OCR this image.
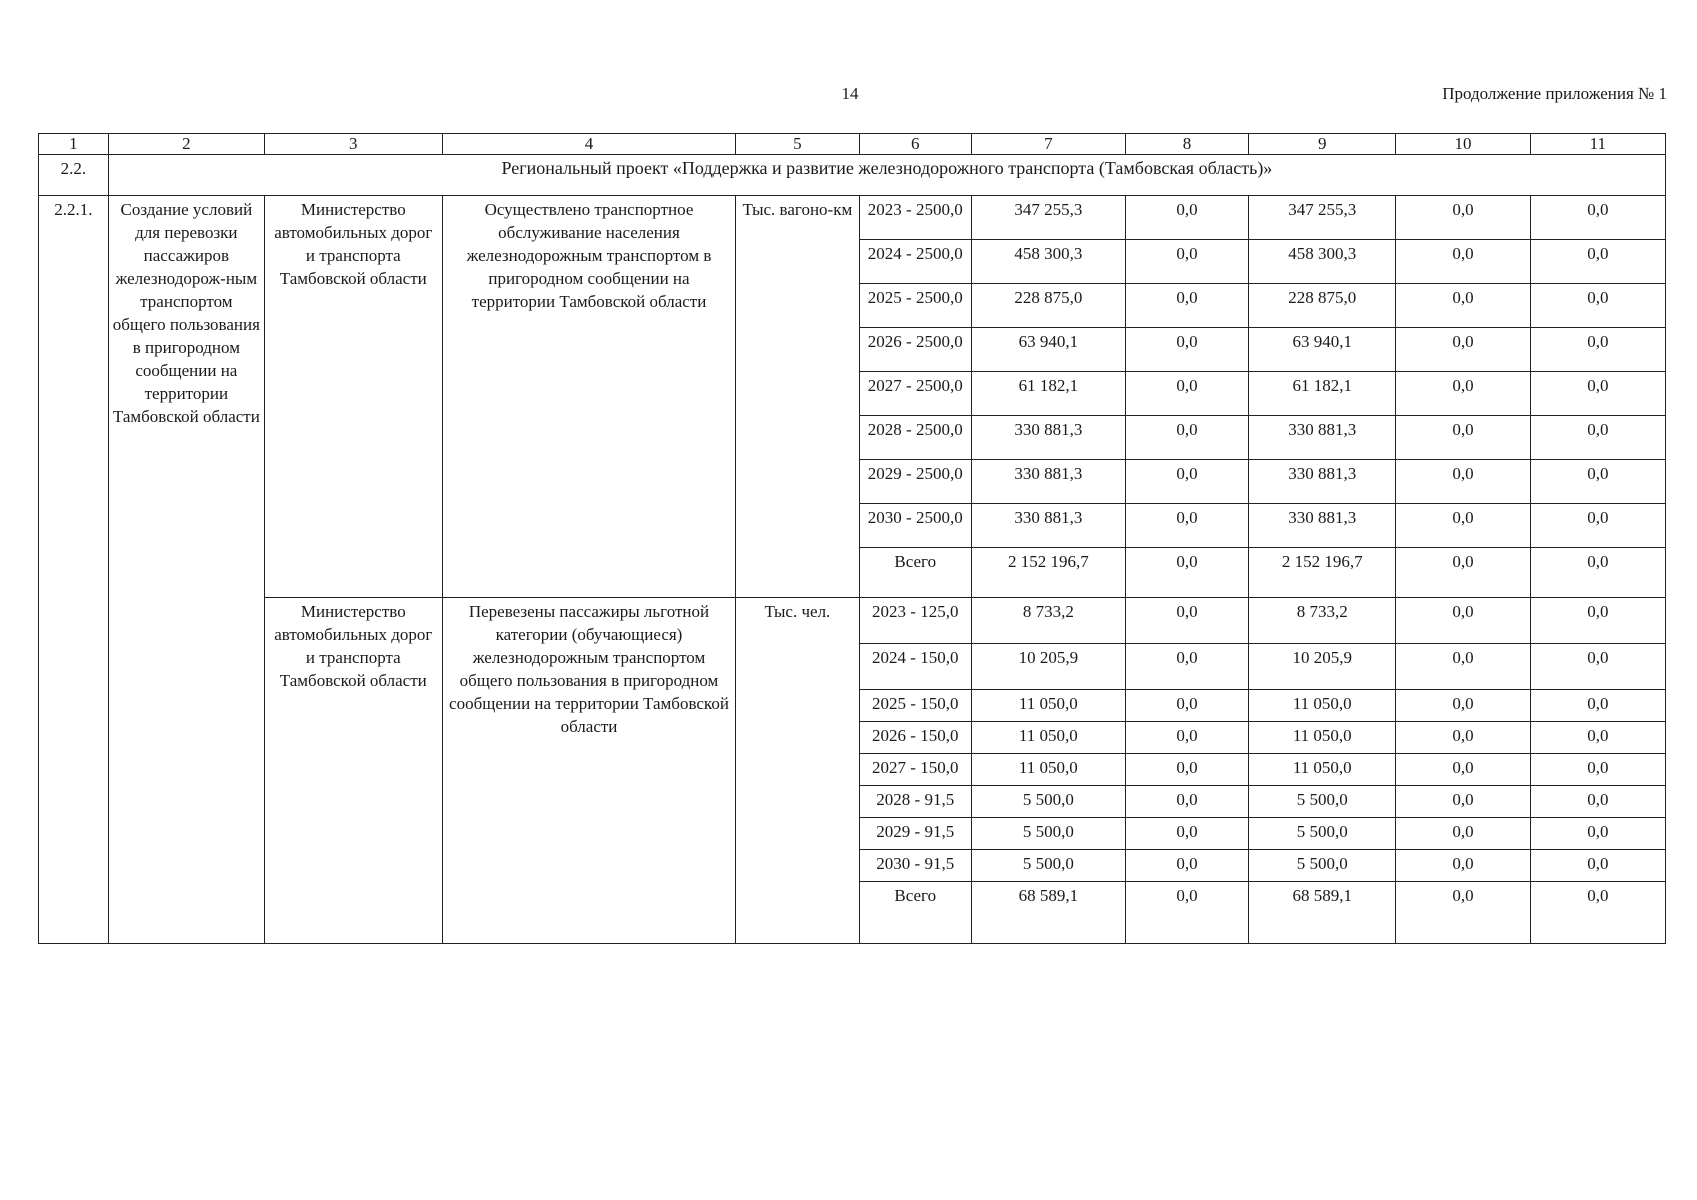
14	Продолжение приложения № 1
1	2	3	4	5	6	7	8	9	10	11
2.2.	Региональный проект «Поддержка и развитие железнодорожного транспорта (Тамбовская область)»									
2.2.1.	Создание условий для перевозки пассажиров железнодорож-ным транспортом общего пользования в пригородном сообщении на территории Тамбовской области	Министерство автомобильных дорог и транспорта Тамбовской области	Осуществлено транспортное обслуживание населения железнодорожным транспортом в пригородном сообщении на территории Тамбовской области	Тыс. вагоно-км	2023 - 2500,0	347 255,3	0,0	347 255,3	0,0	0,0
					2024 - 2500,0	458 300,3	0,0	458 300,3	0,0	0,0
					2025 - 2500,0	228 875,0	0,0	228 875,0	0,0	0,0
					2026 - 2500,0	63 940,1	0,0	63 940,1	0,0	0,0
					2027 - 2500,0	61 182,1	0,0	61 182,1	0,0	0,0
					2028 - 2500,0	330 881,3	0,0	330 881,3	0,0	0,0
					2029 - 2500,0	330 881,3	0,0	330 881,3	0,0	0,0
					2030 - 2500,0	330 881,3	0,0	330 881,3	0,0	0,0
					Всего	2 152 196,7	0,0	2 152 196,7	0,0	0,0
		Министерство автомобильных дорог и транспорта Тамбовской области	Перевезены пассажиры льготной категории (обучающиеся) железнодорожным транспортом общего пользования в пригородном сообщении на территории Тамбовской области	Тыс. чел.	2023 - 125,0	8 733,2	0,0	8 733,2	0,0	0,0
					2024 - 150,0	10 205,9	0,0	10 205,9	0,0	0,0
					2025 - 150,0	11 050,0	0,0	11 050,0	0,0	0,0
					2026 - 150,0	11 050,0	0,0	11 050,0	0,0	0,0
					2027 - 150,0	11 050,0	0,0	11 050,0	0,0	0,0
					2028 - 91,5	5 500,0	0,0	5 500,0	0,0	0,0
					2029 - 91,5	5 500,0	0,0	5 500,0	0,0	0,0
					2030 - 91,5	5 500,0	0,0	5 500,0	0,0	0,0
					Всего	68 589,1	0,0	68 589,1	0,0	0,0
